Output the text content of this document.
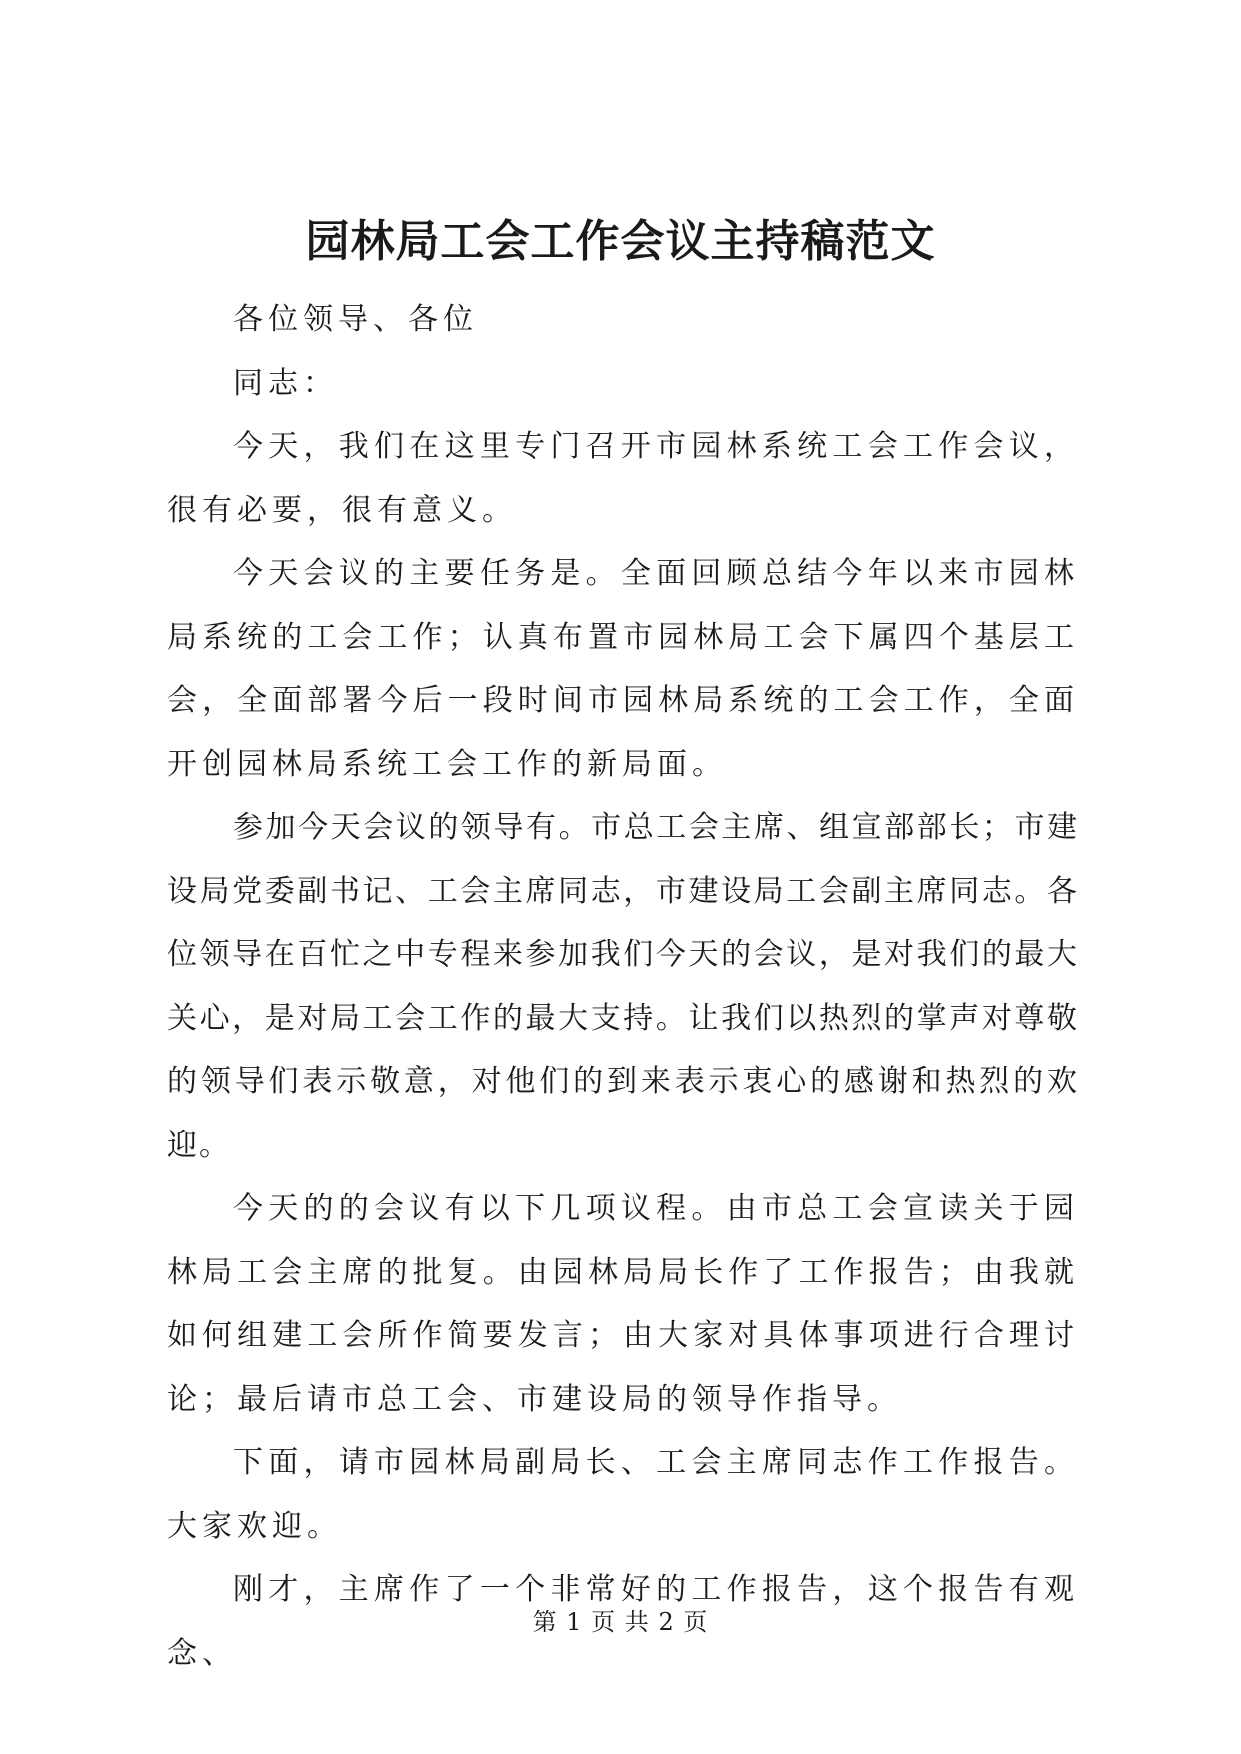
园林局工会工作会议主持稿范文

各位领导、各位

同志：

今天，我们在这里专门召开市园林系统工会工作会议，很有必要，很有意义。

今天会议的主要任务是。全面回顾总结今年以来市园林局系统的工会工作；认真布置市园林局工会下属四个基层工会，全面部署今后一段时间市园林局系统的工会工作，全面开创园林局系统工会工作的新局面。

参加今天会议的领导有。市总工会主席、组宣部部长；市建设局党委副书记、工会主席同志，市建设局工会副主席同志。各位领导在百忙之中专程来参加我们今天的会议，是对我们的最大关心，是对局工会工作的最大支持。让我们以热烈的掌声对尊敬的领导们表示敬意，对他们的到来表示衷心的感谢和热烈的欢迎。

今天的的会议有以下几项议程。由市总工会宣读关于园林局工会主席的批复。由园林局局长作了工作报告；由我就如何组建工会所作简要发言；由大家对具体事项进行合理讨论；最后请市总工会、市建设局的领导作指导。

下面，请市园林局副局长、工会主席同志作工作报告。大家欢迎。

刚才，主席作了一个非常好的工作报告，这个报告有观念、

第 1 页 共 2 页
